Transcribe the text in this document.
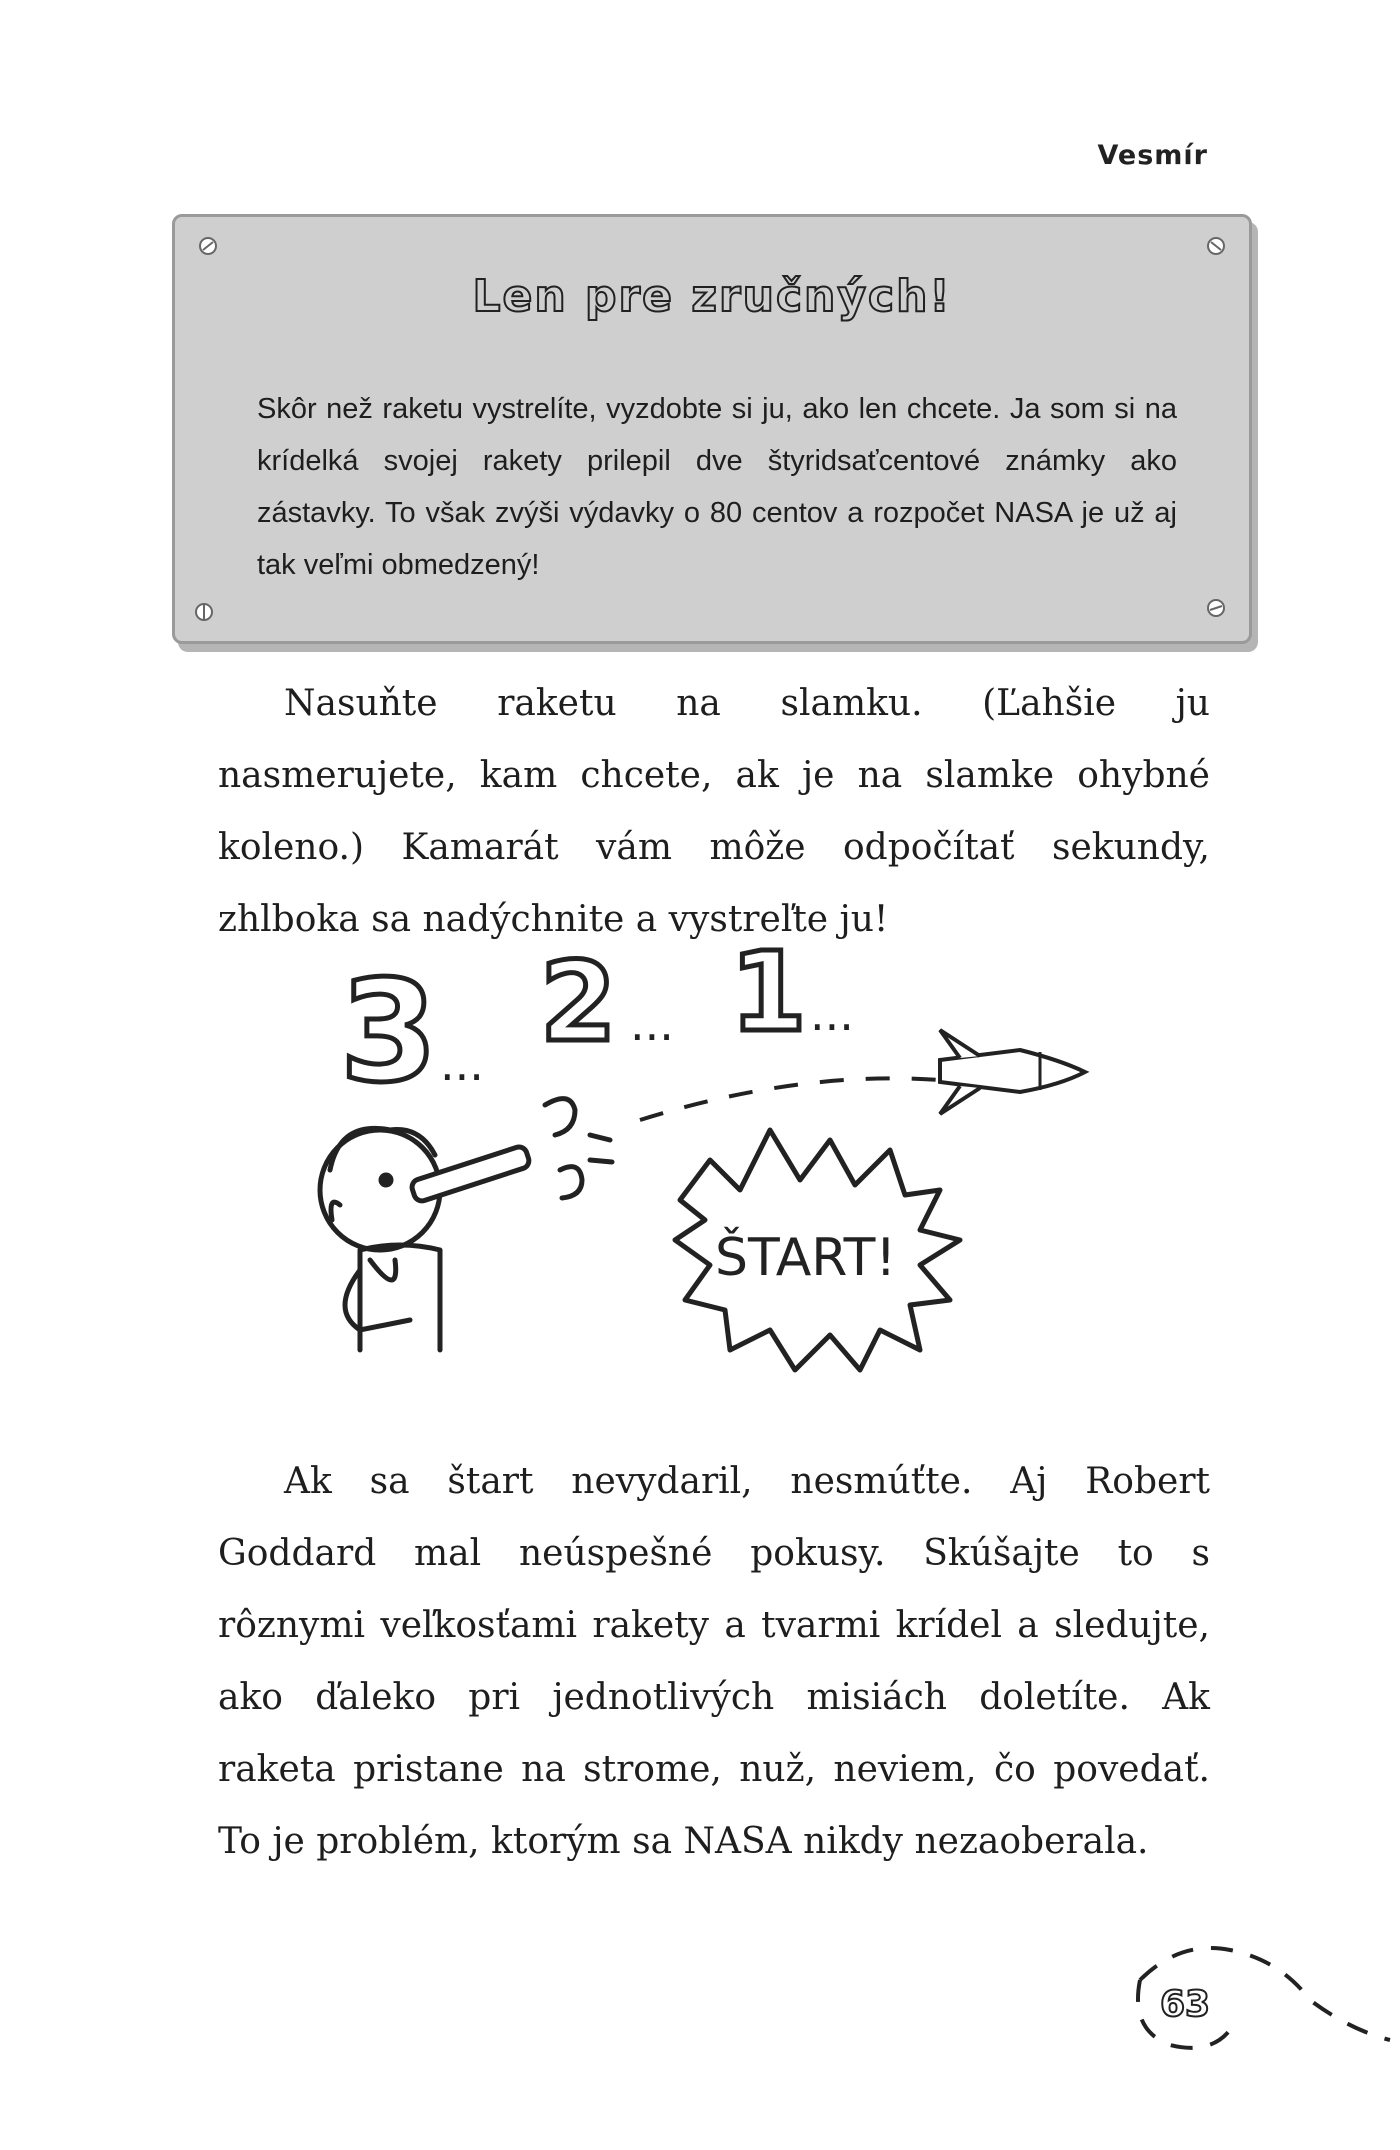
Vesmír
Len pre zručných!

Skôr než raketu vystrelíte, vyzdobte si ju, ako len chcete. Ja som si na krídelká svojej rakety prilepil dve štyridsaťcentové známky ako zástavky. To však zvýši výdavky o 80 centov a rozpočet NASA je už aj tak veľmi obmedzený!

Nasuňte raketu na slamku. (Ľahšie ju nasmerujete, kam chcete, ak je na slamke ohybné koleno.) Kamarát vám môže odpočítať sekundy, zhlboka sa nadýchnite a vystreľte ju!

3 2 1
...
...	...
ŠTART!

Ak sa štart nevydaril, nesmúťte. Aj Robert Goddard mal neúspešné pokusy. Skúšajte to s rôznymi veľkosťami rakety a tvarmi krídel a sledujte, ako ďaleko pri jednotlivých misiách doletíte. Ak raketa pristane na strome, nuž, neviem, čo povedať. To je problém, ktorým sa NASA nikdy nezaoberala.

63
